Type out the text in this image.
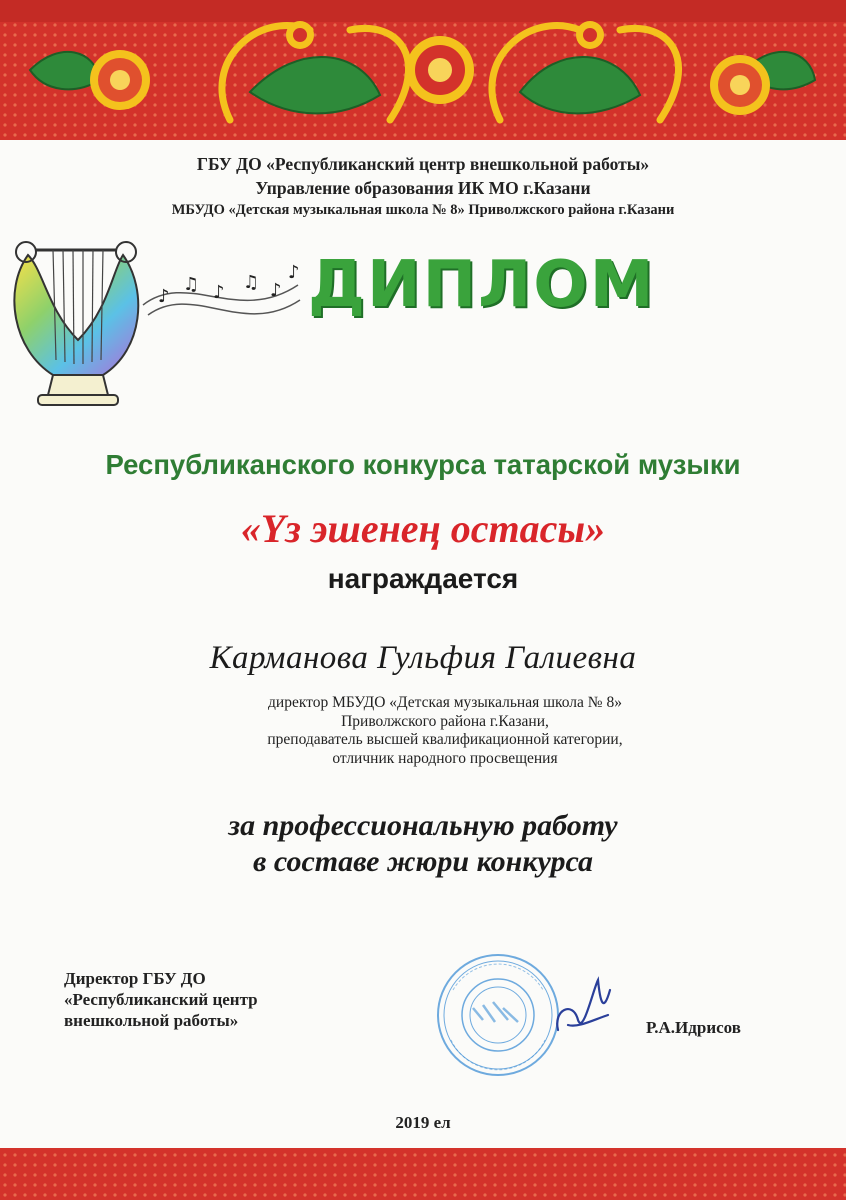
ГБУ ДО «Республиканский центр внешкольной работы»
Управление образования ИК МО г.Казани
МБУДО «Детская музыкальная школа № 8» Приволжского района г.Казани
♪
♫ ♪ ♫ ♪
♪ ДИПЛОМ
Республиканского конкурса татарской музыки
«Үз эшенең остасы»
награждается
Карманова Гульфия Галиевна
директор МБУДО «Детская музыкальная школа № 8»
Приволжского района г.Казани,
преподаватель высшей квалификационной категории,
отличник народного просвещения
за профессиональную работу
в составе жюри конкурса
Директор ГБУ ДО
«Республиканский центр
внешкольной работы»	Р.А.Идрисов
2019 ел
